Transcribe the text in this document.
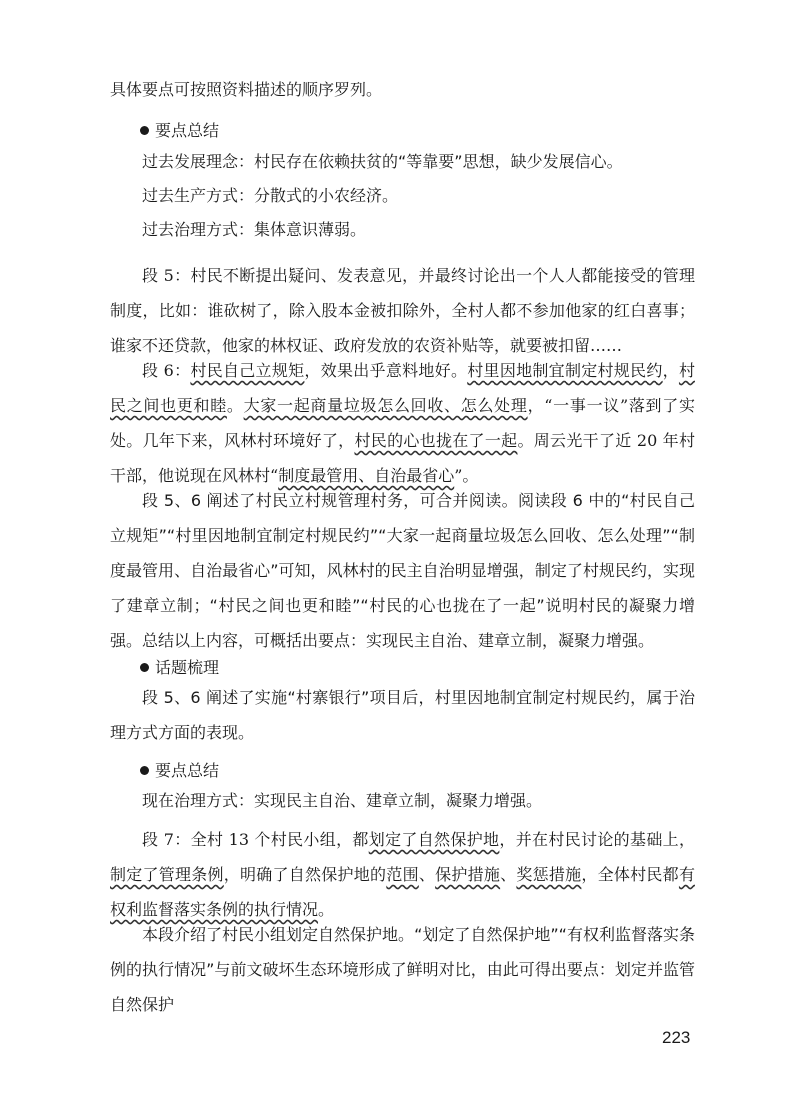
具体要点可按照资料描述的顺序罗列。

要点总结

过去发展理念：村民存在依赖扶贫的“等靠要”思想，缺少发展信心。

过去生产方式：分散式的小农经济。

过去治理方式：集体意识薄弱。

段 5：村民不断提出疑问、发表意见，并最终讨论出一个人人都能接受的管理制度，比如：谁砍树了，除入股本金被扣除外，全村人都不参加他家的红白喜事；谁家不还贷款，他家的林权证、政府发放的农资补贴等，就要被扣留……

段 6：村民自己立规矩，效果出乎意料地好。村里因地制宜制定村规民约，村民之间也更和睦。大家一起商量垃圾怎么回收、怎么处理，“一事一议”落到了实处。几年下来，风林村环境好了，村民的心也拢在了一起。周云光干了近 20 年村干部，他说现在风林村“制度最管用、自治最省心”。

段 5、6 阐述了村民立村规管理村务，可合并阅读。阅读段 6 中的“村民自己立规矩”“村里因地制宜制定村规民约”“大家一起商量垃圾怎么回收、怎么处理”“制度最管用、自治最省心”可知，风林村的民主自治明显增强，制定了村规民约，实现了建章立制；“村民之间也更和睦”“村民的心也拢在了一起”说明村民的凝聚力增强。总结以上内容，可概括出要点：实现民主自治、建章立制，凝聚力增强。

话题梳理

段 5、6 阐述了实施“村寨银行”项目后，村里因地制宜制定村规民约，属于治理方式方面的表现。

要点总结

现在治理方式：实现民主自治、建章立制，凝聚力增强。

段 7：全村 13 个村民小组，都划定了自然保护地，并在村民讨论的基础上，制定了管理条例，明确了自然保护地的范围、保护措施、奖惩措施，全体村民都有权利监督落实条例的执行情况。

本段介绍了村民小组划定自然保护地。“划定了自然保护地”“有权利监督落实条例的执行情况”与前文破坏生态环境形成了鲜明对比，由此可得出要点：划定并监管自然保护

223
